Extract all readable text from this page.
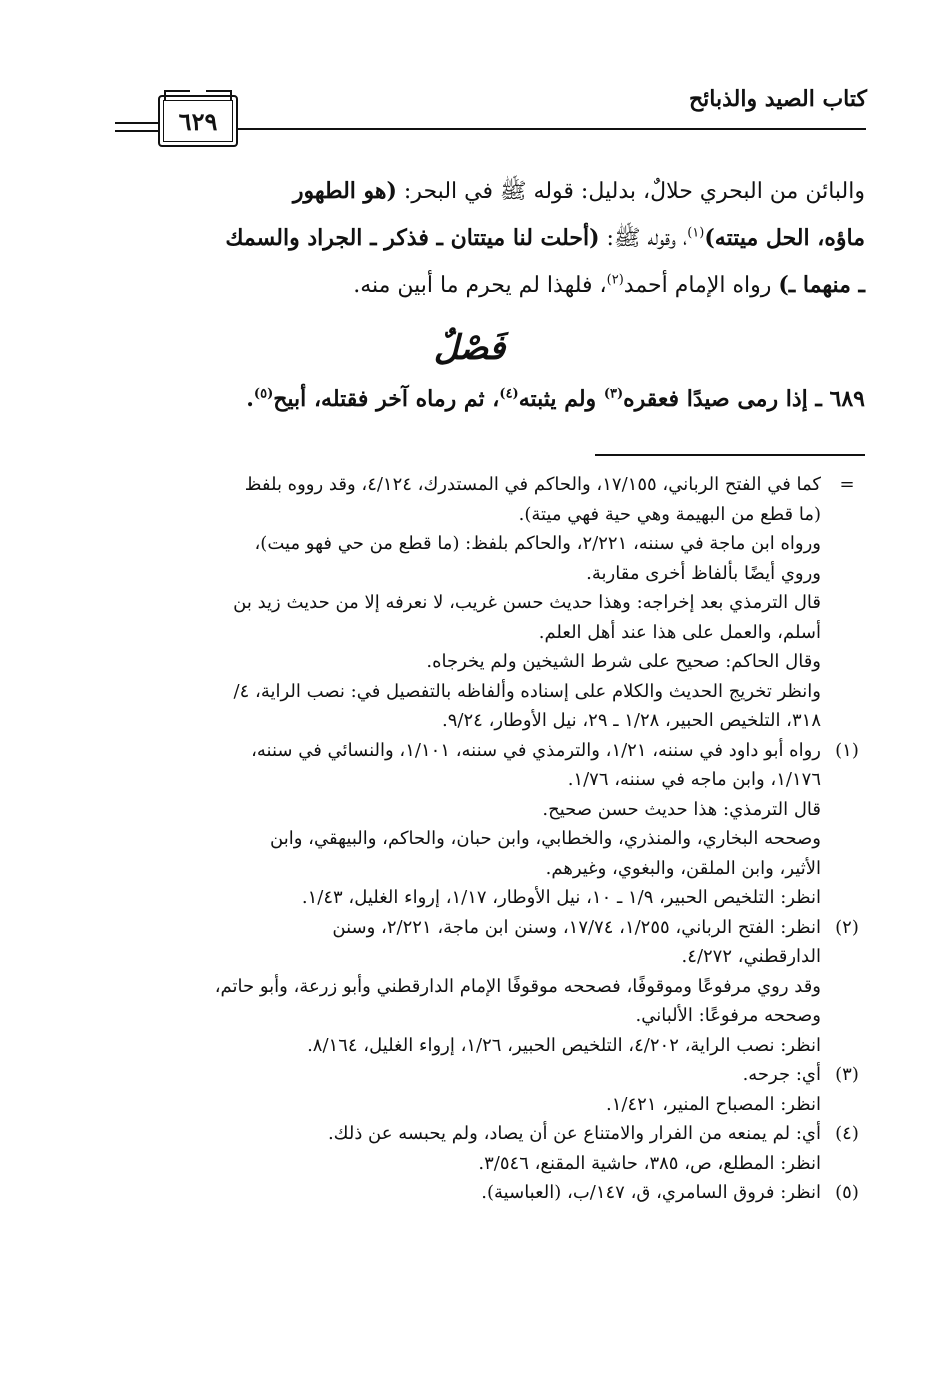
كتاب الصيد والذبائح
٦٢٩

والبائن من البحري حلالٌ، بدليل: قوله ﷺ في البحر: (هو الطهور
ماؤه، الحل ميتته)$^{(١)}$، وقوله ﷺ: (أحلت لنا ميتتان ـ فذكر ـ الجراد والسمك
ـ منهما ـ) رواه الإمام أحمد$^{(٢)}$، فلهذا لم يحرم ما أبين منه.

فَصْلٌ
٦٨٩ ـ إذا رمى صيدًا فعقره$^{(٣)}$ ولم يثبته$^{(٤)}$، ثم رماه آخر فقتله، أبيح$^{(٥)}$.
=
كما في الفتح الرباني، ١٧/١٥٥، والحاكم في المستدرك، ٤/١٢٤، وقد رووه بلفظ
(ما قطع من البهيمة وهي حية فهي ميتة).
ورواه ابن ماجة في سننه، ٢/٢٢١، والحاكم بلفظ: (ما قطع من حي فهو ميت)،
وروي أيضًا بألفاظ أخرى مقاربة.
قال الترمذي بعد إخراجه: وهذا حديث حسن غريب، لا نعرفه إلا من حديث زيد بن
أسلم، والعمل على هذا عند أهل العلم.
وقال الحاكم: صحيح على شرط الشيخين ولم يخرجاه.
وانظر تخريج الحديث والكلام على إسناده وألفاظه بالتفصيل في: نصب الراية، ٤/
٣١٨، التلخيص الحبير، ١/٢٨ ـ ٢٩، نيل الأوطار، ٩/٢٤.
(١)
رواه أبو داود في سننه، ١/٢١، والترمذي في سننه، ١/١٠١، والنسائي في سننه،
١/١٧٦، وابن ماجه في سننه، ١/٧٦.
قال الترمذي: هذا حديث حسن صحيح.
وصححه البخاري، والمنذري، والخطابي، وابن حبان، والحاكم، والبيهقي، وابن
الأثير، وابن الملقن، والبغوي، وغيرهم.
انظر: التلخيص الحبير، ١/٩ ـ ١٠، نيل الأوطار، ١/١٧، إرواء الغليل، ١/٤٣.
(٢)
انظر: الفتح الرباني، ١/٢٥٥، ١٧/٧٤، وسنن ابن ماجة، ٢/٢٢١، وسنن
الدارقطني، ٤/٢٧٢.
وقد روي مرفوعًا وموقوفًا، فصححه موقوفًا الإمام الدارقطني وأبو زرعة، وأبو حاتم،
وصححه مرفوعًا: الألباني.
انظر: نصب الراية، ٤/٢٠٢، التلخيص الحبير، ١/٢٦، إرواء الغليل، ٨/١٦٤.
(٣)
أي: جرحه.
انظر: المصباح المنير، ١/٤٢١.
(٤)
أي: لم يمنعه من الفرار والامتناع عن أن يصاد، ولم يحبسه عن ذلك.
انظر: المطلع، ص، ٣٨٥، حاشية المقنع، ٣/٥٤٦.
(٥)
انظر: فروق السامري، ق، ١٤٧/ب، (العباسية).
